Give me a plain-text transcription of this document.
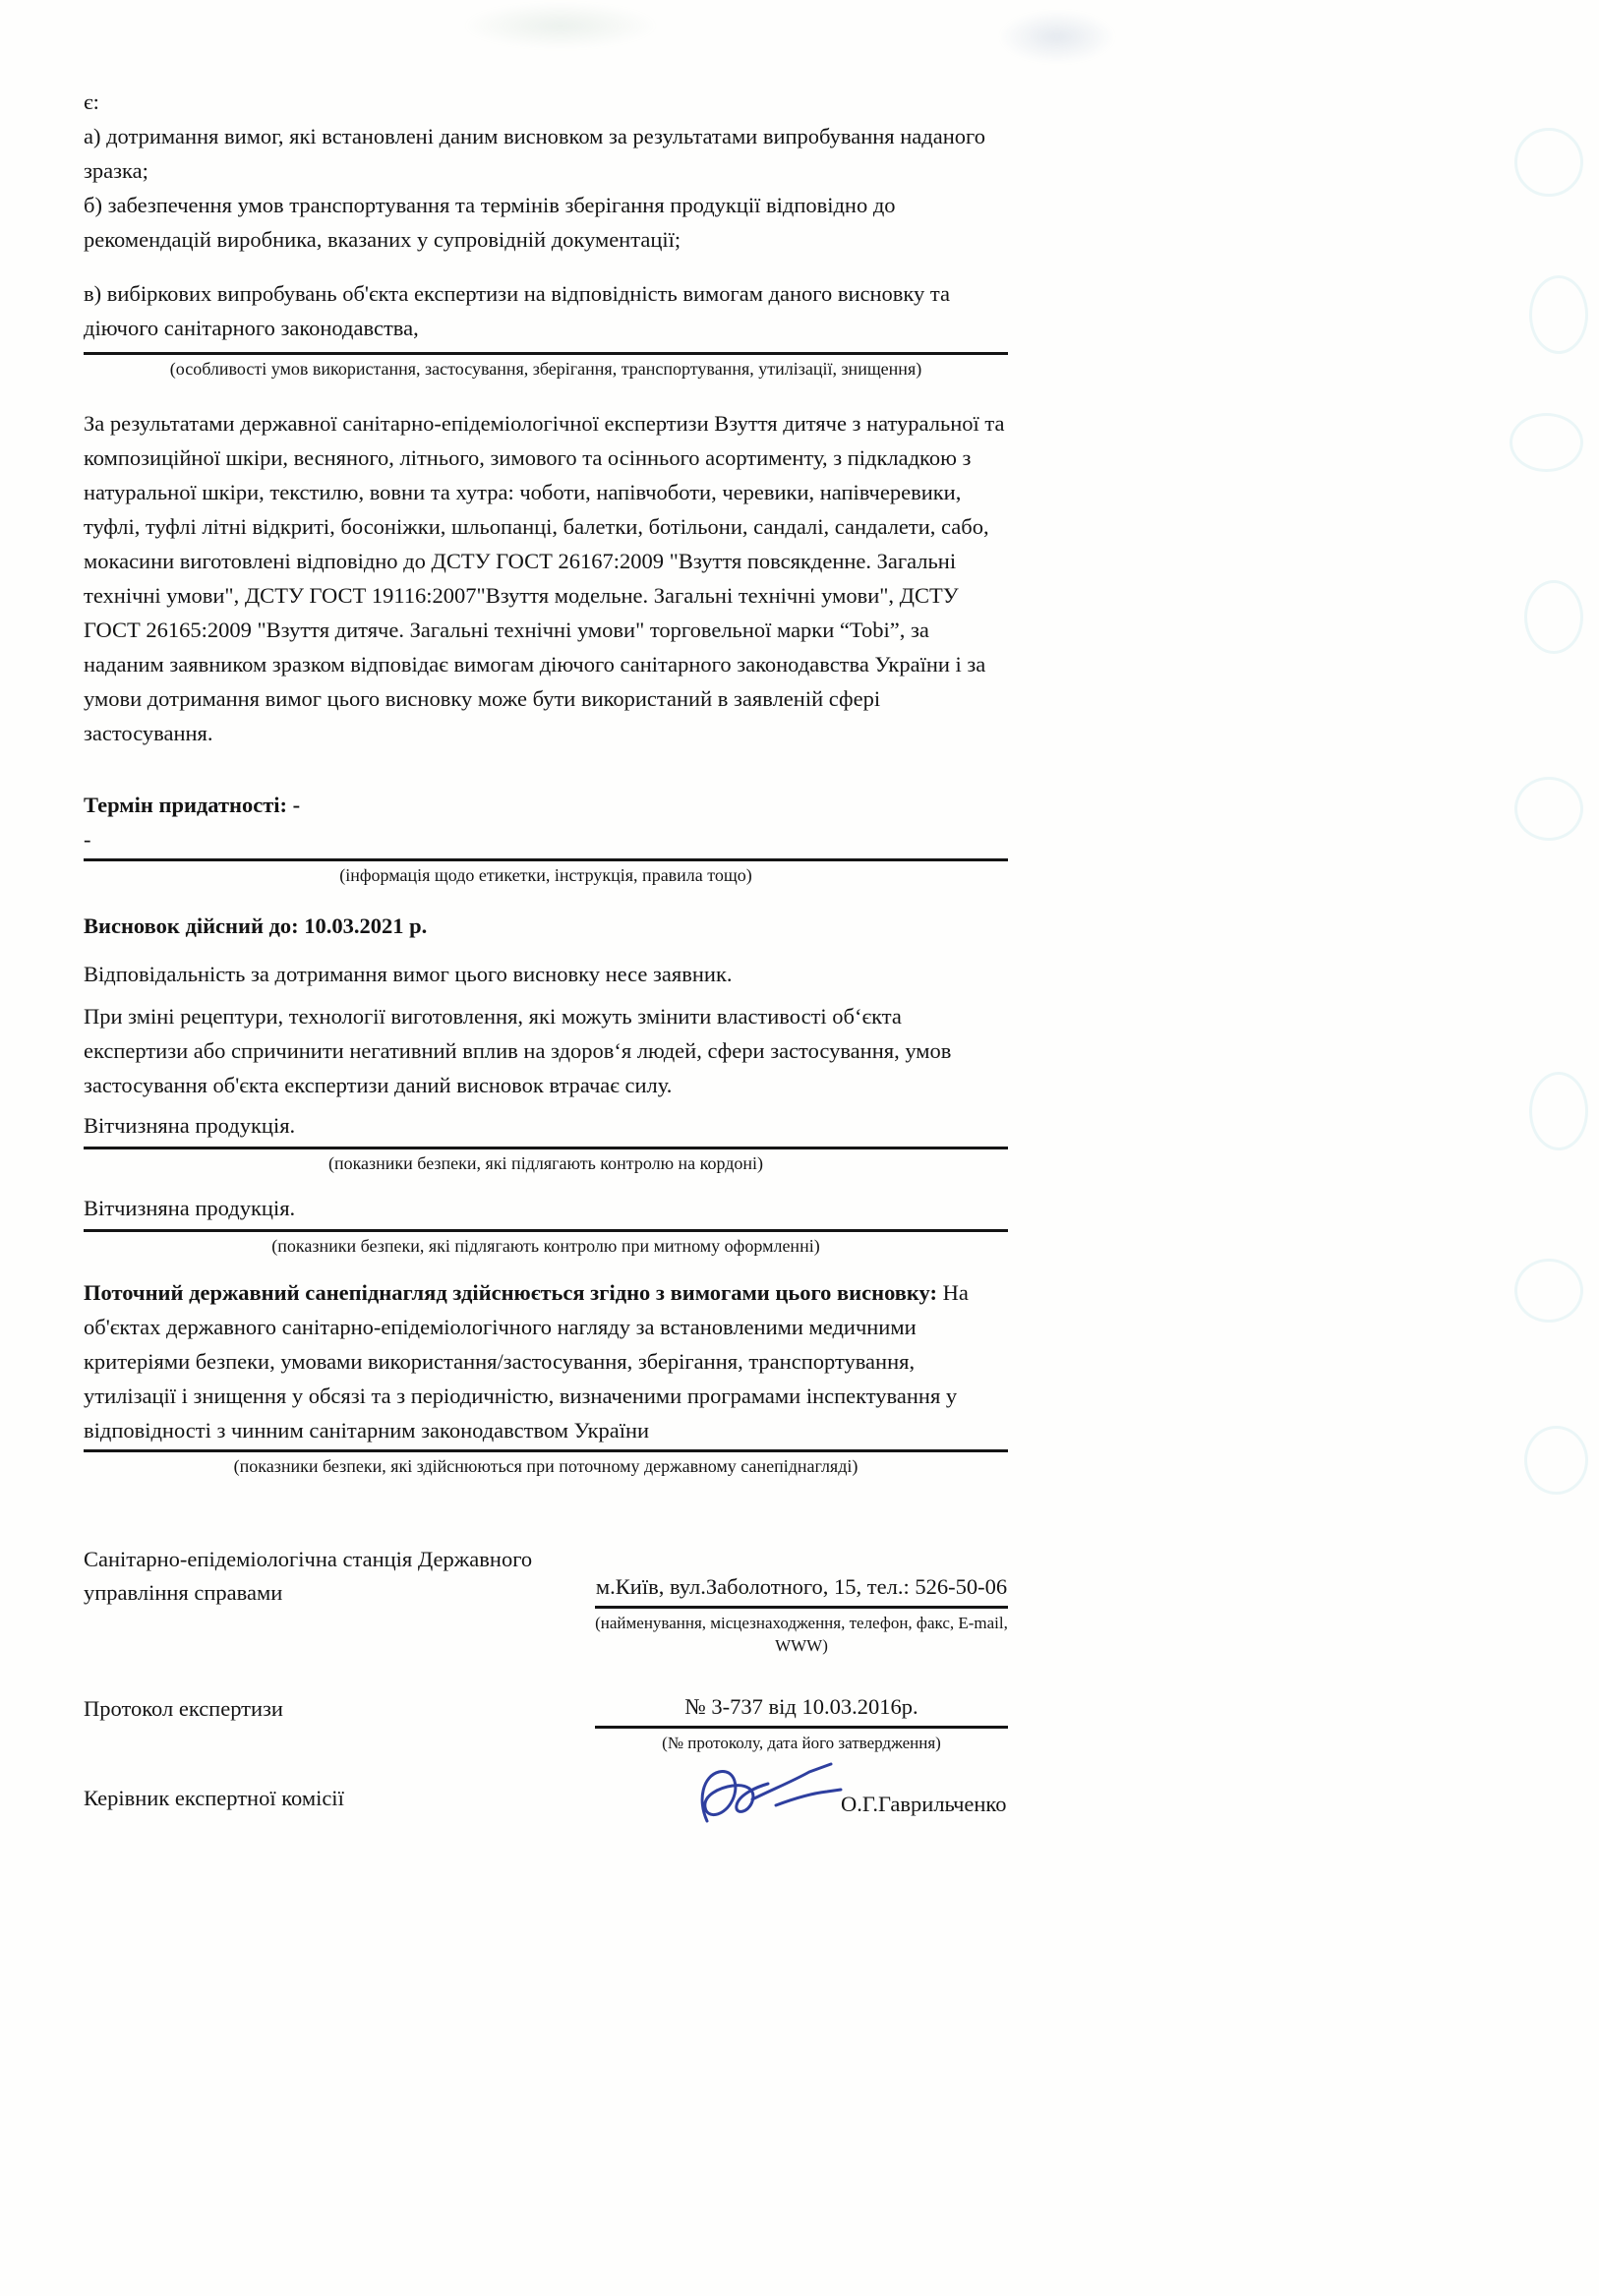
є:

а) дотримання вимог, які встановлені даним висновком за результатами випробування наданого зразка;

б) забезпечення умов транспортування та термінів зберігання продукції відповідно до рекомендацій виробника, вказаних у супровідній документації;

в) вибіркових випробувань об'єкта експертизи на відповідність вимогам даного висновку та діючого санітарного законодавства,

(особливості умов використання, застосування, зберігання, транспортування, утилізації, знищення)

За результатами державної санітарно-епідеміологічної експертизи Взуття дитяче з натуральної та композиційної шкіри, весняного, літнього, зимового та осіннього асортименту, з підкладкою з натуральної шкіри, текстилю, вовни та хутра: чоботи, напівчоботи, черевики, напівчеревики, туфлі, туфлі літні відкриті, босоніжки, шльопанці, балетки, ботільони, сандалі, сандалети, сабо, мокасини виготовлені відповідно до ДСТУ ГОСТ 26167:2009 "Взуття повсякденне. Загальні технічні умови", ДСТУ ГОСТ 19116:2007"Взуття модельне. Загальні технічні умови", ДСТУ ГОСТ 26165:2009 "Взуття дитяче. Загальні технічні умови" торговельної марки “Tobi”, за наданим заявником зразком відповідає вимогам діючого санітарного законодавства України і за умови дотримання вимог цього висновку може бути використаний в заявленій сфері застосування.

Термін придатності: -

-

(інформація щодо етикетки, інструкція, правила тощо)

Висновок дійсний до: 10.03.2021 р.

Відповідальність за дотримання вимог цього висновку несе заявник.

При зміні рецептури, технології виготовлення, які можуть змінити властивості об‘єкта експертизи або спричинити негативний вплив на здоров‘я людей, сфери застосування, умов застосування об'єкта експертизи даний висновок втрачає силу.

Вітчизняна продукція.

(показники безпеки, які підлягають контролю на кордоні)

Вітчизняна продукція.

(показники безпеки, які підлягають контролю при митному оформленні)

Поточний державний санепіднагляд здійснюється згідно з вимогами цього висновку: На об'єктах державного санітарно-епідеміологічного нагляду за встановленими медичними критеріями безпеки, умовами використання/застосування, зберігання, транспортування, утилізації і знищення у обсязі та з періодичністю, визначеними програмами інспектування у відповідності з чинним санітарним законодавством України

(показники безпеки, які здійснюються при поточному державному санепіднагляді)
Санітарно-епідеміологічна станція Державного управління справами	м.Київ, вул.Заболотного, 15, тел.: 526-50-06
(найменування, місцезнаходження, телефон, факс, E-mail, WWW)
Протокол експертизи	№ 3-737 від 10.03.2016р.
(№ протоколу, дата його затвердження)
Керівник експертної комісії	О.Г.Гаврильченко
